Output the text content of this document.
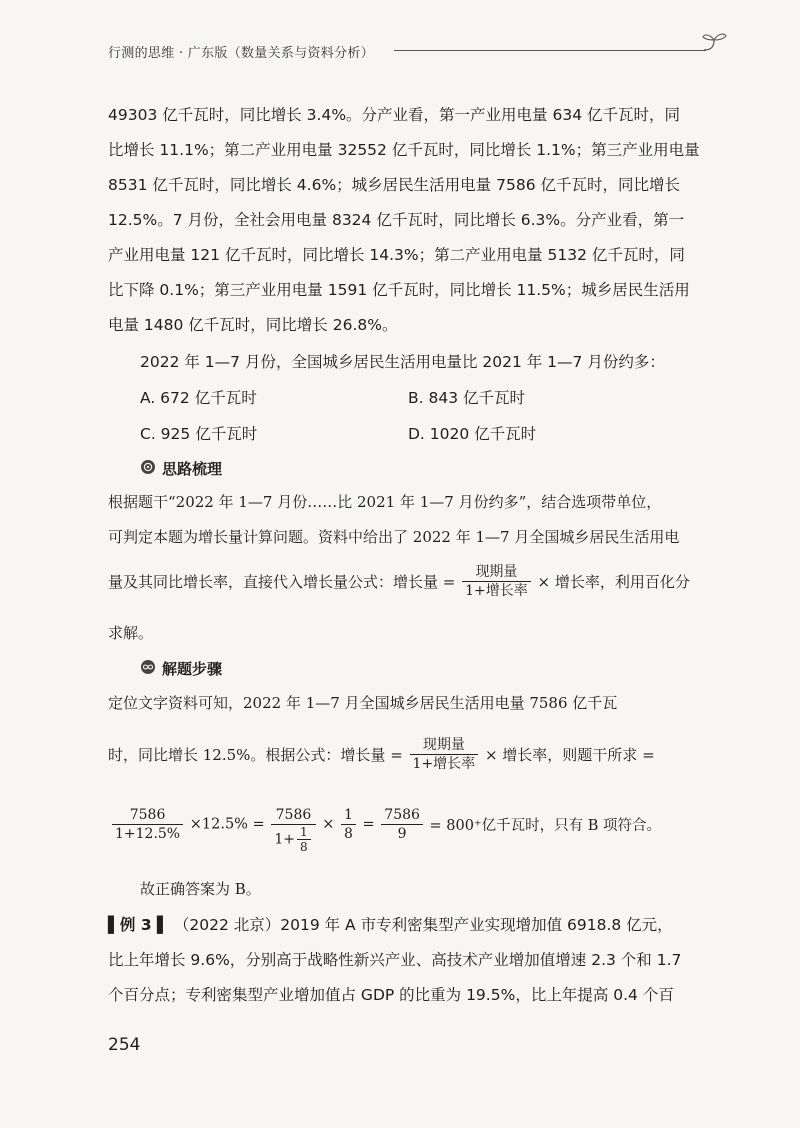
行测的思维 · 广东版（数量关系与资料分析）
49303 亿千瓦时，同比增长 3.4%。分产业看，第一产业用电量 634 亿千瓦时，同
比增长 11.1%；第二产业用电量 32552 亿千瓦时，同比增长 1.1%；第三产业用电量
8531 亿千瓦时，同比增长 4.6%；城乡居民生活用电量 7586 亿千瓦时，同比增长
12.5%。7 月份，全社会用电量 8324 亿千瓦时，同比增长 6.3%。分产业看，第一
产业用电量 121 亿千瓦时，同比增长 14.3%；第二产业用电量 5132 亿千瓦时，同
比下降 0.1%；第三产业用电量 1591 亿千瓦时，同比增长 11.5%；城乡居民生活用
电量 1480 亿千瓦时，同比增长 26.8%。
2022 年 1—7 月份，全国城乡居民生活用电量比 2021 年 1—7 月份约多：
A. 672 亿千瓦时	B. 843 亿千瓦时
C. 925 亿千瓦时	D. 1020 亿千瓦时
思路梳理
根据题干“2022 年 1—7 月份……比 2021 年 1—7 月份约多”，结合选项带单位，
可判定本题为增长量计算问题。资料中给出了 2022 年 1—7 月全国城乡居民生活用电
量及其同比增长率，直接代入增长量公式：增长量 = $\frac{\text{现期量}}{\text{1+增长率}}$ × 增长率，利用百化分
求解。
解题步骤
定位文字资料可知，2022 年 1—7 月全国城乡居民生活用电量 7586 亿千瓦
时，同比增长 12.5%。根据公式：增长量 = $\frac{\text{现期量}}{\text{1+增长率}}$ × 增长率，则题干所求 =
$\frac{7586}{1+12.5\%} \times 12.5\% = \frac{7586}{1+ \frac{1}{8}} \times \frac{1}{8} = \frac{7586}{9} = 800^+$亿千瓦时，只有 B 项符合。
故正确答案为 B。
▌例 3 ▌ （2022 北京）2019 年 A 市专利密集型产业实现增加值 6918.8 亿元，
比上年增长 9.6%，分别高于战略性新兴产业、高技术产业增加值增速 2.3 个和 1.7
个百分点；专利密集型产业增加值占 GDP 的比重为 19.5%，比上年提高 0.4 个百
254
